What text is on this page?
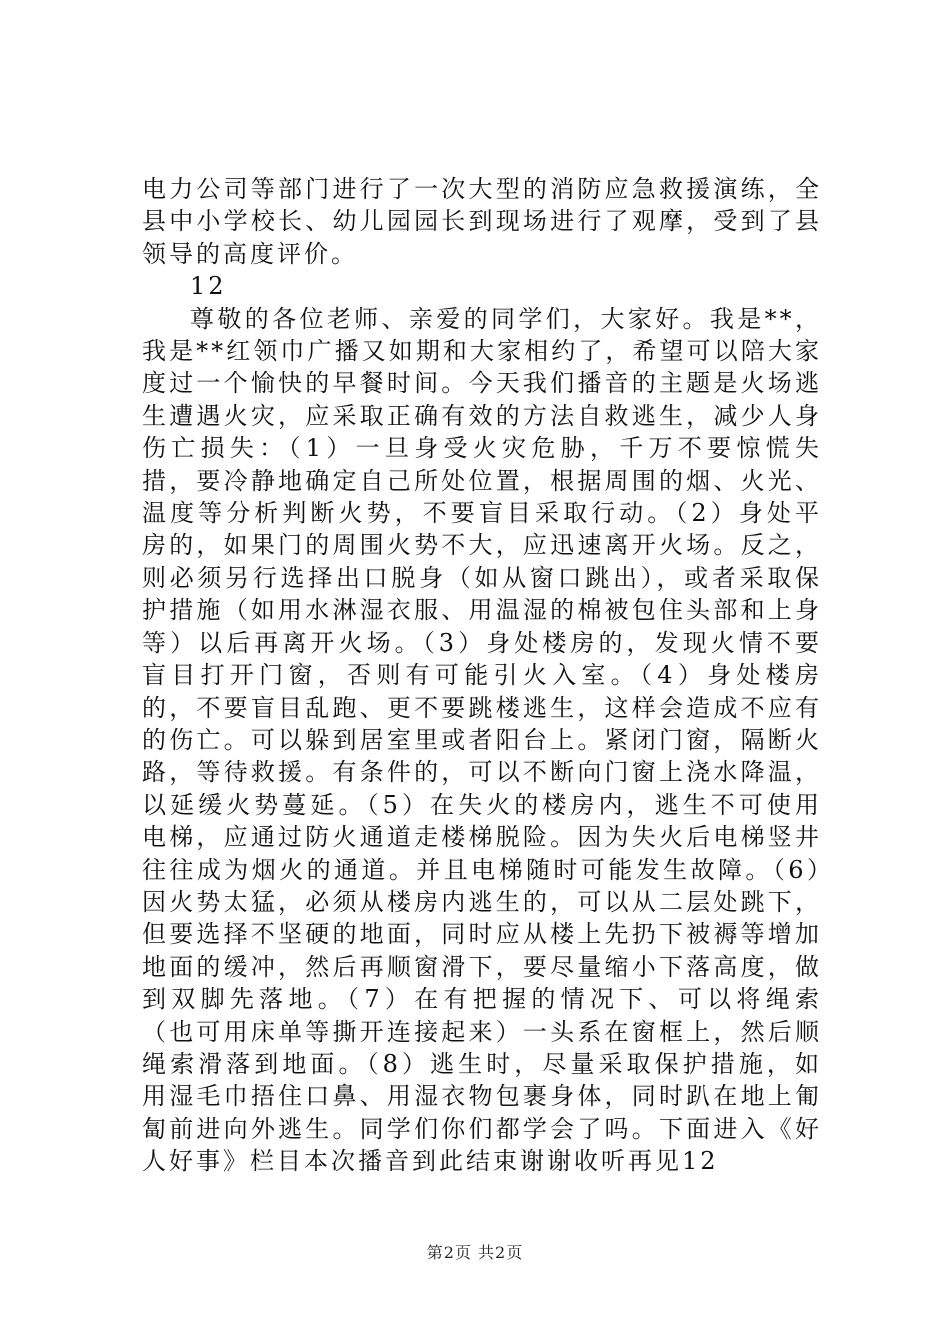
电力公司等部门进行了一次大型的消防应急救援演练，全县中小学校长、幼儿园园长到现场进行了观摩，受到了县领导的高度评价。

12

尊敬的各位老师、亲爱的同学们，大家好。我是**，我是**红领巾广播又如期和大家相约了，希望可以陪大家度过一个愉快的早餐时间。今天我们播音的主题是火场逃生遭遇火灾，应采取正确有效的方法自救逃生，减少人身伤亡损失：（1）一旦身受火灾危胁，千万不要惊慌失措，要冷静地确定自己所处位置，根据周围的烟、火光、温度等分析判断火势，不要盲目采取行动。（2）身处平房的，如果门的周围火势不大，应迅速离开火场。反之，则必须另行选择出口脱身（如从窗口跳出），或者采取保护措施（如用水淋湿衣服、用温湿的棉被包住头部和上身等）以后再离开火场。（3）身处楼房的，发现火情不要盲目打开门窗，否则有可能引火入室。（4）身处楼房的，不要盲目乱跑、更不要跳楼逃生，这样会造成不应有的伤亡。可以躲到居室里或者阳台上。紧闭门窗，隔断火路，等待救援。有条件的，可以不断向门窗上浇水降温，以延缓火势蔓延。（5）在失火的楼房内，逃生不可使用电梯，应通过防火通道走楼梯脱险。因为失火后电梯竖井往往成为烟火的通道。并且电梯随时可能发生故障。（6）因火势太猛，必须从楼房内逃生的，可以从二层处跳下，但要选择不坚硬的地面，同时应从楼上先扔下被褥等增加地面的缓冲，然后再顺窗滑下，要尽量缩小下落高度，做到双脚先落地。（7）在有把握的情况下、可以将绳索（也可用床单等撕开连接起来）一头系在窗框上，然后顺绳索滑落到地面。（8）逃生时，尽量采取保护措施，如用湿毛巾捂住口鼻、用湿衣物包裹身体，同时趴在地上匍匐前进向外逃生。同学们你们都学会了吗。下面进入《好人好事》栏目本次播音到此结束谢谢收听再见12

第2页 共2页
